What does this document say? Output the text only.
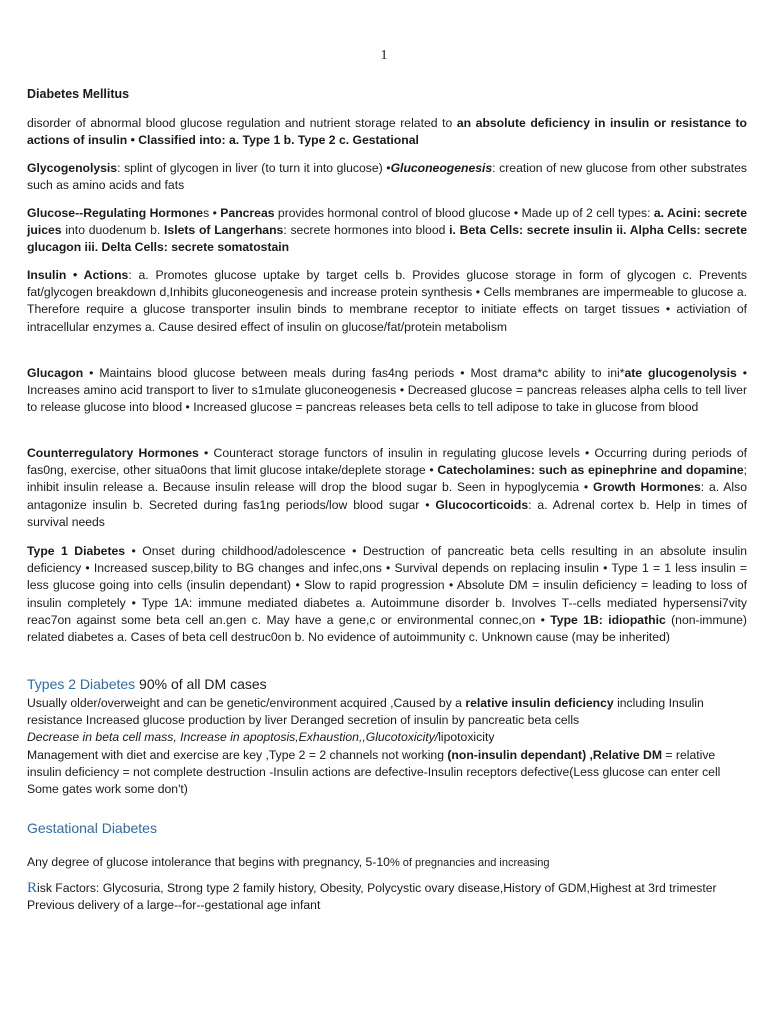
1
Diabetes Mellitus
disorder of abnormal blood glucose regulation and nutrient storage related to an absolute deficiency in insulin or resistance to actions of insulin • Classified into: a. Type 1 b. Type 2 c. Gestational
Glycogenolysis: splint of glycogen in liver (to turn it into glucose) •Gluconeogenesis: creation of new glucose from other substrates such as amino acids and fats
Glucose--Regulating Hormones • Pancreas provides hormonal control of blood glucose • Made up of 2 cell types: a. Acini: secrete juices into duodenum b. Islets of Langerhans: secrete hormones into blood i. Beta Cells: secrete insulin ii. Alpha Cells: secrete glucagon iii. Delta Cells: secrete somatostain
Insulin • Actions: a. Promotes glucose uptake by target cells b. Provides glucose storage in form of glycogen c. Prevents fat/glycogen breakdown d,Inhibits gluconeogenesis and increase protein synthesis • Cells membranes are impermeable to glucose a. Therefore require a glucose transporter insulin binds to membrane receptor to initiate effects on target tissues • activiation of intracellular enzymes a. Cause desired effect of insulin on glucose/fat/protein metabolism
Glucagon • Maintains blood glucose between meals during fas4ng periods • Most drama*c ability to ini*ate glucogenolysis • Increases amino acid transport to liver to s1mulate gluconeogenesis • Decreased glucose = pancreas releases alpha cells to tell liver to release glucose into blood • Increased glucose = pancreas releases beta cells to tell adipose to take in glucose from blood
Counterregulatory Hormones • Counteract storage functors of insulin in regulating glucose levels • Occurring during periods of fas0ng, exercise, other situa0ons that limit glucose intake/deplete storage • Catecholamines: such as epinephrine and dopamine; inhibit insulin release a. Because insulin release will drop the blood sugar b. Seen in hypoglycemia • Growth Hormones: a. Also antagonize insulin b. Secreted during fas1ng periods/low blood sugar • Glucocorticoids: a. Adrenal cortex b. Help in times of survival needs
Type 1 Diabetes • Onset during childhood/adolescence • Destruction of pancreatic beta cells resulting in an absolute insulin deficiency • Increased suscep,bility to BG changes and infec,ons • Survival depends on replacing insulin • Type 1 = 1 less insulin = less glucose going into cells (insulin dependant) • Slow to rapid progression • Absolute DM = insulin deficiency = leading to loss of insulin completely • Type 1A: immune mediated diabetes a. Autoimmune disorder b. Involves T--cells mediated hypersensi7vity reac7on against some beta cell an.gen c. May have a gene,c or environmental connec,on • Type 1B: idiopathic (non-immune) related diabetes a. Cases of beta cell destruc0on b. No evidence of autoimmunity c. Unknown cause (may be inherited)
Types 2 Diabetes 90% of all DM cases
Usually older/overweight and can be genetic/environment acquired ,Caused by a relative insulin deficiency including Insulin resistance Increased glucose production by liver Deranged secretion of insulin by pancreatic beta cells
Decrease in beta cell mass, Increase in apoptosis,Exhaustion,,Glucotoxicity/lipotoxicity
Management with diet and exercise are key ,Type 2 = 2 channels not working (non-insulin dependant) ,Relative DM = relative insulin deficiency = not complete destruction -Insulin actions are defective-Insulin receptors defective(Less glucose can enter cell Some gates work some don't)
Gestational Diabetes
Any degree of glucose intolerance that begins with pregnancy, 5-10% of pregnancies and increasing
Risk Factors: Glycosuria, Strong type 2 family history, Obesity, Polycystic ovary disease,History of GDM,Highest at 3rd trimester Previous delivery of a large--for--gestational age infant
